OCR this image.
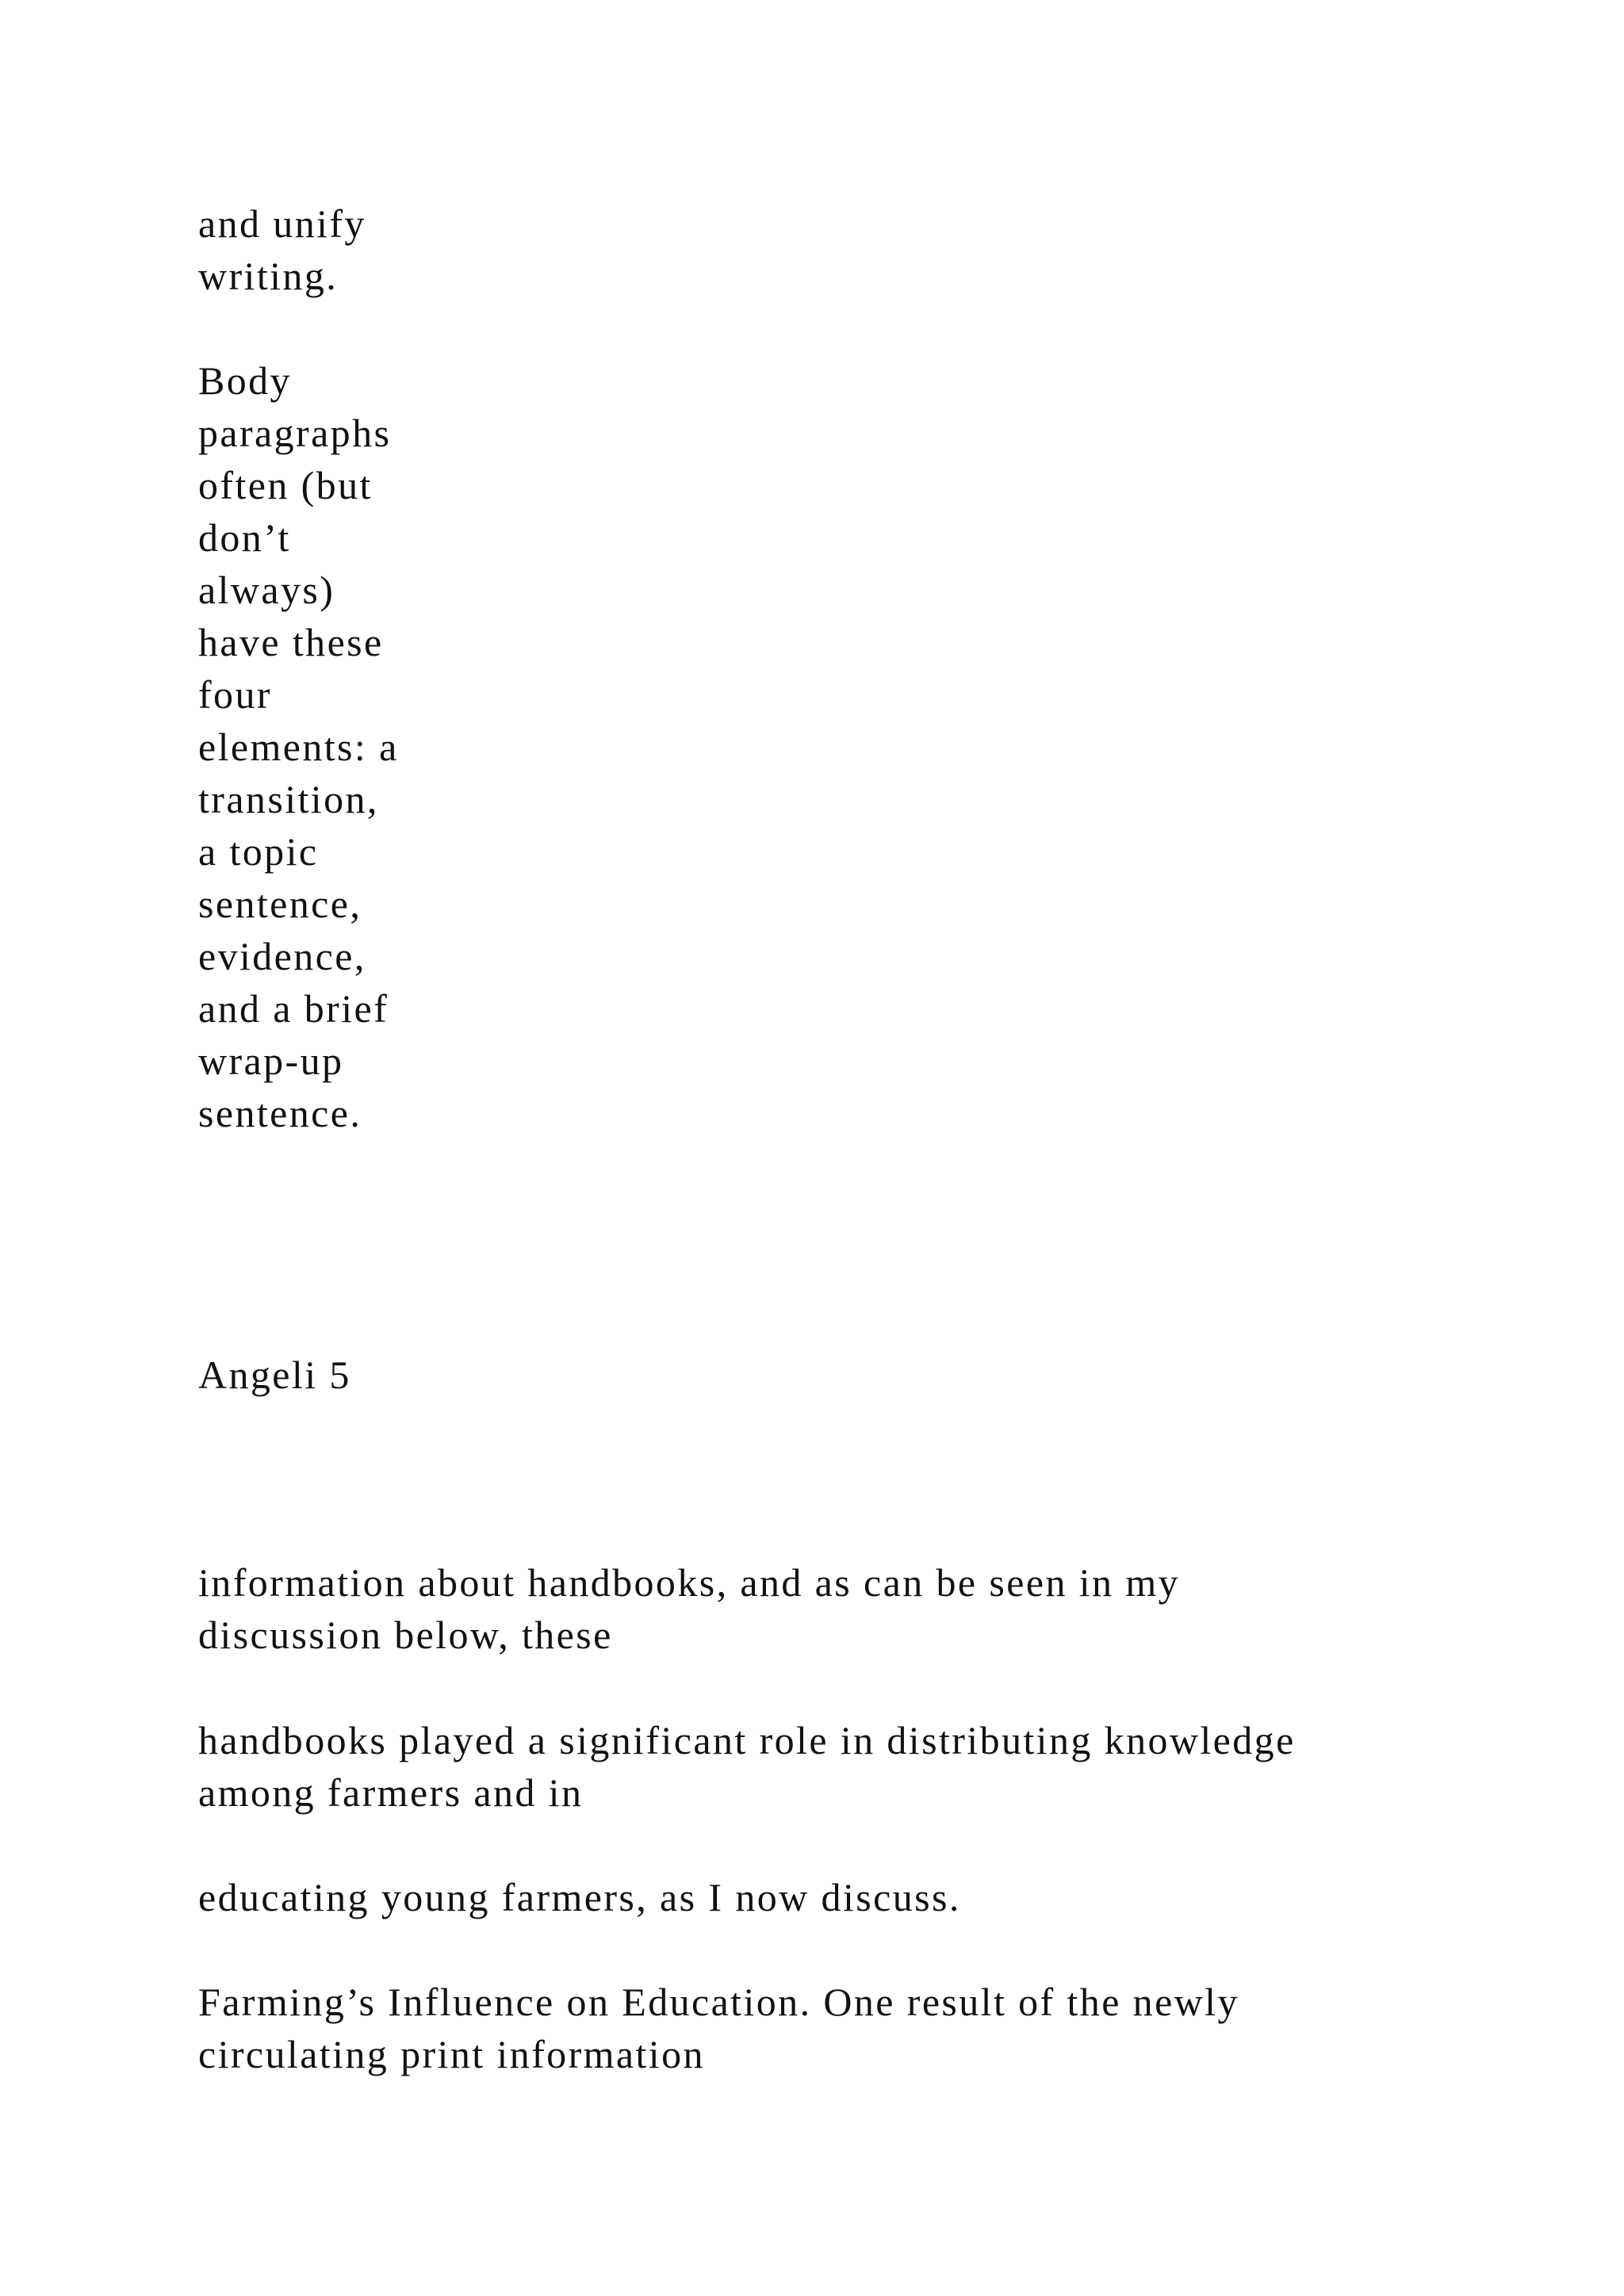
and unify
writing.

Body
paragraphs
often (but
don’t
always)
have these
four
elements: a
transition,
a topic
sentence,
evidence,
and a brief
wrap-up
sentence.

Angeli 5

information about handbooks, and as can be seen in my
discussion below, these

handbooks played a significant role in distributing knowledge
among farmers and in

educating young farmers, as I now discuss.

Farming’s Influence on Education. One result of the newly
circulating print information
